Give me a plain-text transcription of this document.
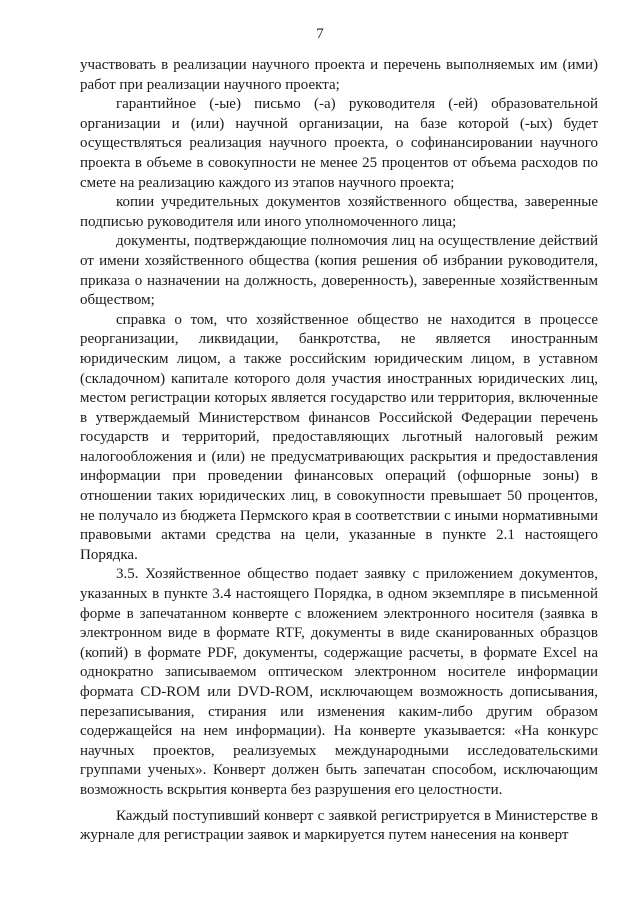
7

участвовать в реализации научного проекта и перечень выполняемых им (ими) работ при реализации научного проекта;

гарантийное (-ые) письмо (-а) руководителя (-ей) образовательной организации и (или) научной организации, на базе которой (-ых) будет осуществляться реализация научного проекта, о софинансировании научного проекта в объеме в совокупности не менее 25 процентов от объема расходов по смете на реализацию каждого из этапов научного проекта;

копии учредительных документов хозяйственного общества, заверенные подписью руководителя или иного уполномоченного лица;

документы, подтверждающие полномочия лиц на осуществление действий от имени хозяйственного общества (копия решения об избрании руководителя, приказа о назначении на должность, доверенность), заверенные хозяйственным обществом;

справка о том, что хозяйственное общество не находится в процессе реорганизации, ликвидации, банкротства, не является иностранным юридическим лицом, а также российским юридическим лицом, в уставном (складочном) капитале которого доля участия иностранных юридических лиц, местом регистрации которых является государство или территория, включенные в утверждаемый Министерством финансов Российской Федерации перечень государств и территорий, предоставляющих льготный налоговый режим налогообложения и (или) не предусматривающих раскрытия и предоставления информации при проведении финансовых операций (офшорные зоны) в отношении таких юридических лиц, в совокупности превышает 50 процентов, не получало из бюджета Пермского края в соответствии с иными нормативными правовыми актами средства на цели, указанные в пункте 2.1 настоящего Порядка.

3.5. Хозяйственное общество подает заявку с приложением документов, указанных в пункте 3.4 настоящего Порядка, в одном экземпляре в письменной форме в запечатанном конверте с вложением электронного носителя (заявка в электронном виде в формате RTF, документы в виде сканированных образцов (копий) в формате PDF, документы, содержащие расчеты, в формате Excel на однократно записываемом оптическом электронном носителе информации формата CD-ROM или DVD-ROM, исключающем возможность дописывания, перезаписывания, стирания или изменения каким-либо другим образом содержащейся на нем информации). На конверте указывается: «На конкурс научных проектов, реализуемых международными исследовательскими группами ученых». Конверт должен быть запечатан способом, исключающим возможность вскрытия конверта без разрушения его целостности.

Каждый поступивший конверт с заявкой регистрируется в Министерстве в журнале для регистрации заявок и маркируется путем нанесения на конверт
